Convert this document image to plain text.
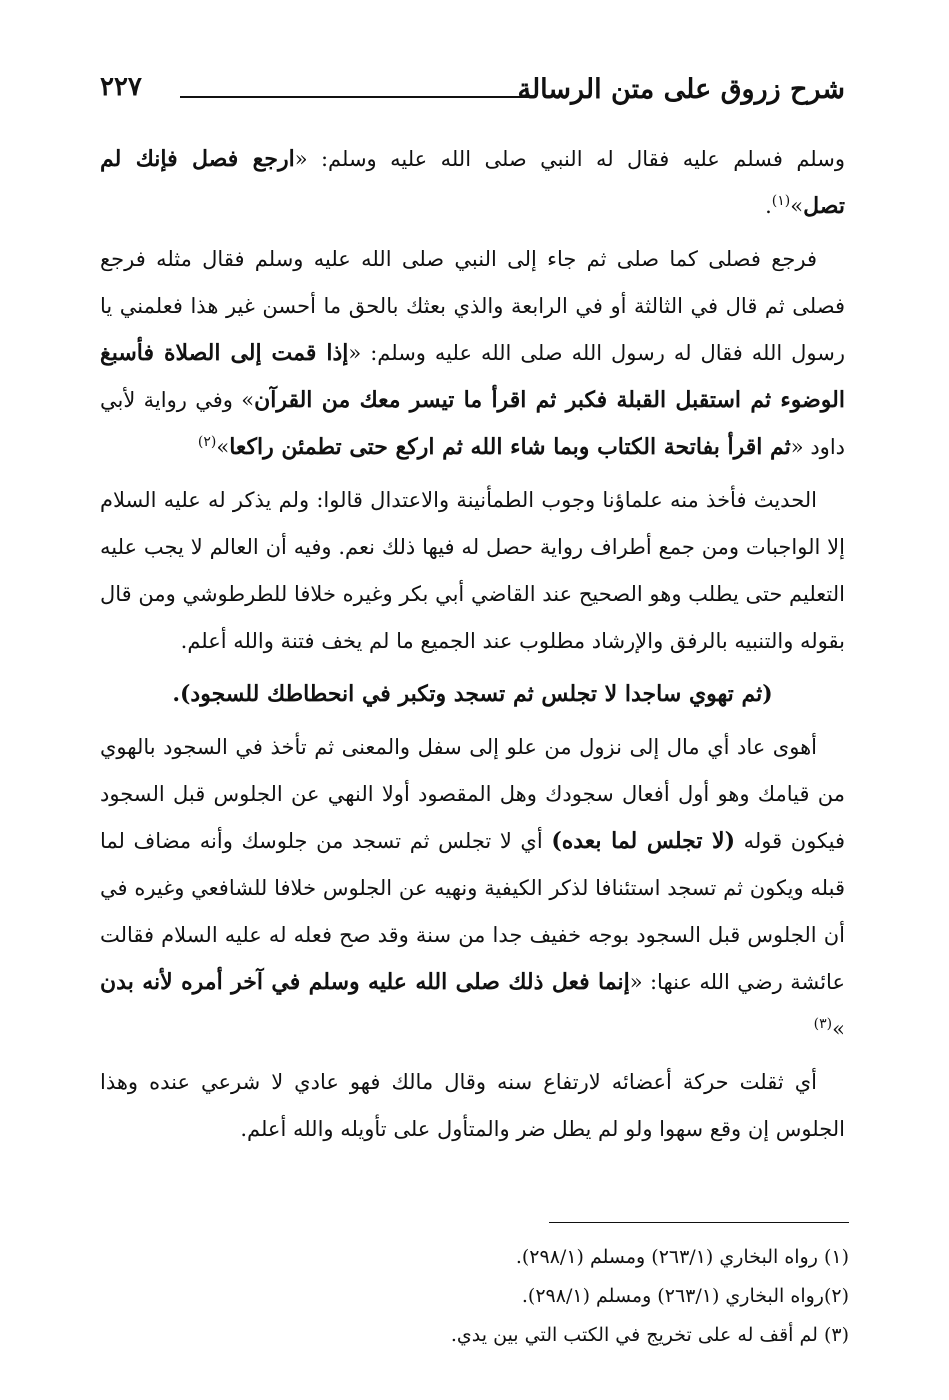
شرح زروق على متن الرسالة
٢٢٧

وسلم فسلم عليه فقال له النبي صلى الله عليه وسلم: «ارجع فصل فإنك لم تصل»$^{(١)}$.

فرجع فصلى كما صلى ثم جاء إلى النبي صلى الله عليه وسلم فقال مثله فرجع فصلى ثم قال في الثالثة أو في الرابعة والذي بعثك بالحق ما أحسن غير هذا فعلمني يا رسول الله فقال له رسول الله صلى الله عليه وسلم: «إذا قمت إلى الصلاة فأسبغ الوضوء ثم استقبل القبلة فكبر ثم اقرأ ما تيسر معك من القرآن» وفي رواية لأبي داود «ثم اقرأ بفاتحة الكتاب وبما شاء الله ثم اركع حتى تطمئن راكعا»$^{(٢)}$

الحديث فأخذ منه علماؤنا وجوب الطمأنينة والاعتدال قالوا: ولم يذكر له عليه السلام إلا الواجبات ومن جمع أطراف رواية حصل له فيها ذلك نعم. وفيه أن العالم لا يجب عليه التعليم حتى يطلب وهو الصحيح عند القاضي أبي بكر وغيره خلافا للطرطوشي ومن قال بقوله والتنبيه بالرفق والإرشاد مطلوب عند الجميع ما لم يخف فتنة والله أعلم.

(ثم تهوي ساجدا لا تجلس ثم تسجد وتكبر في انحطاطك للسجود).

أهوى عاد أي مال إلى نزول من علو إلى سفل والمعنى ثم تأخذ في السجود بالهوي من قيامك وهو أول أفعال سجودك وهل المقصود أولا النهي عن الجلوس قبل السجود فيكون قوله (لا تجلس لما بعده) أي لا تجلس ثم تسجد من جلوسك وأنه مضاف لما قبله ويكون ثم تسجد استئنافا لذكر الكيفية ونهيه عن الجلوس خلافا للشافعي وغيره في أن الجلوس قبل السجود بوجه خفيف جدا من سنة وقد صح فعله له عليه السلام فقالت عائشة رضي الله عنها: «إنما فعل ذلك صلى الله عليه وسلم في آخر أمره لأنه بدن »$^{(٣)}$

أي ثقلت حركة أعضائه لارتفاع سنه وقال مالك فهو عادي لا شرعي عنده وهذا الجلوس إن وقع سهوا ولو لم يطل ضر والمتأول على تأويله والله أعلم.

(١) رواه البخاري (٢٦٣/١) ومسلم (٢٩٨/١).
(٢)رواه البخاري (٢٦٣/١) ومسلم (٢٩٨/١).
(٣) لم أقف له على تخريج في الكتب التي بين يدي.
